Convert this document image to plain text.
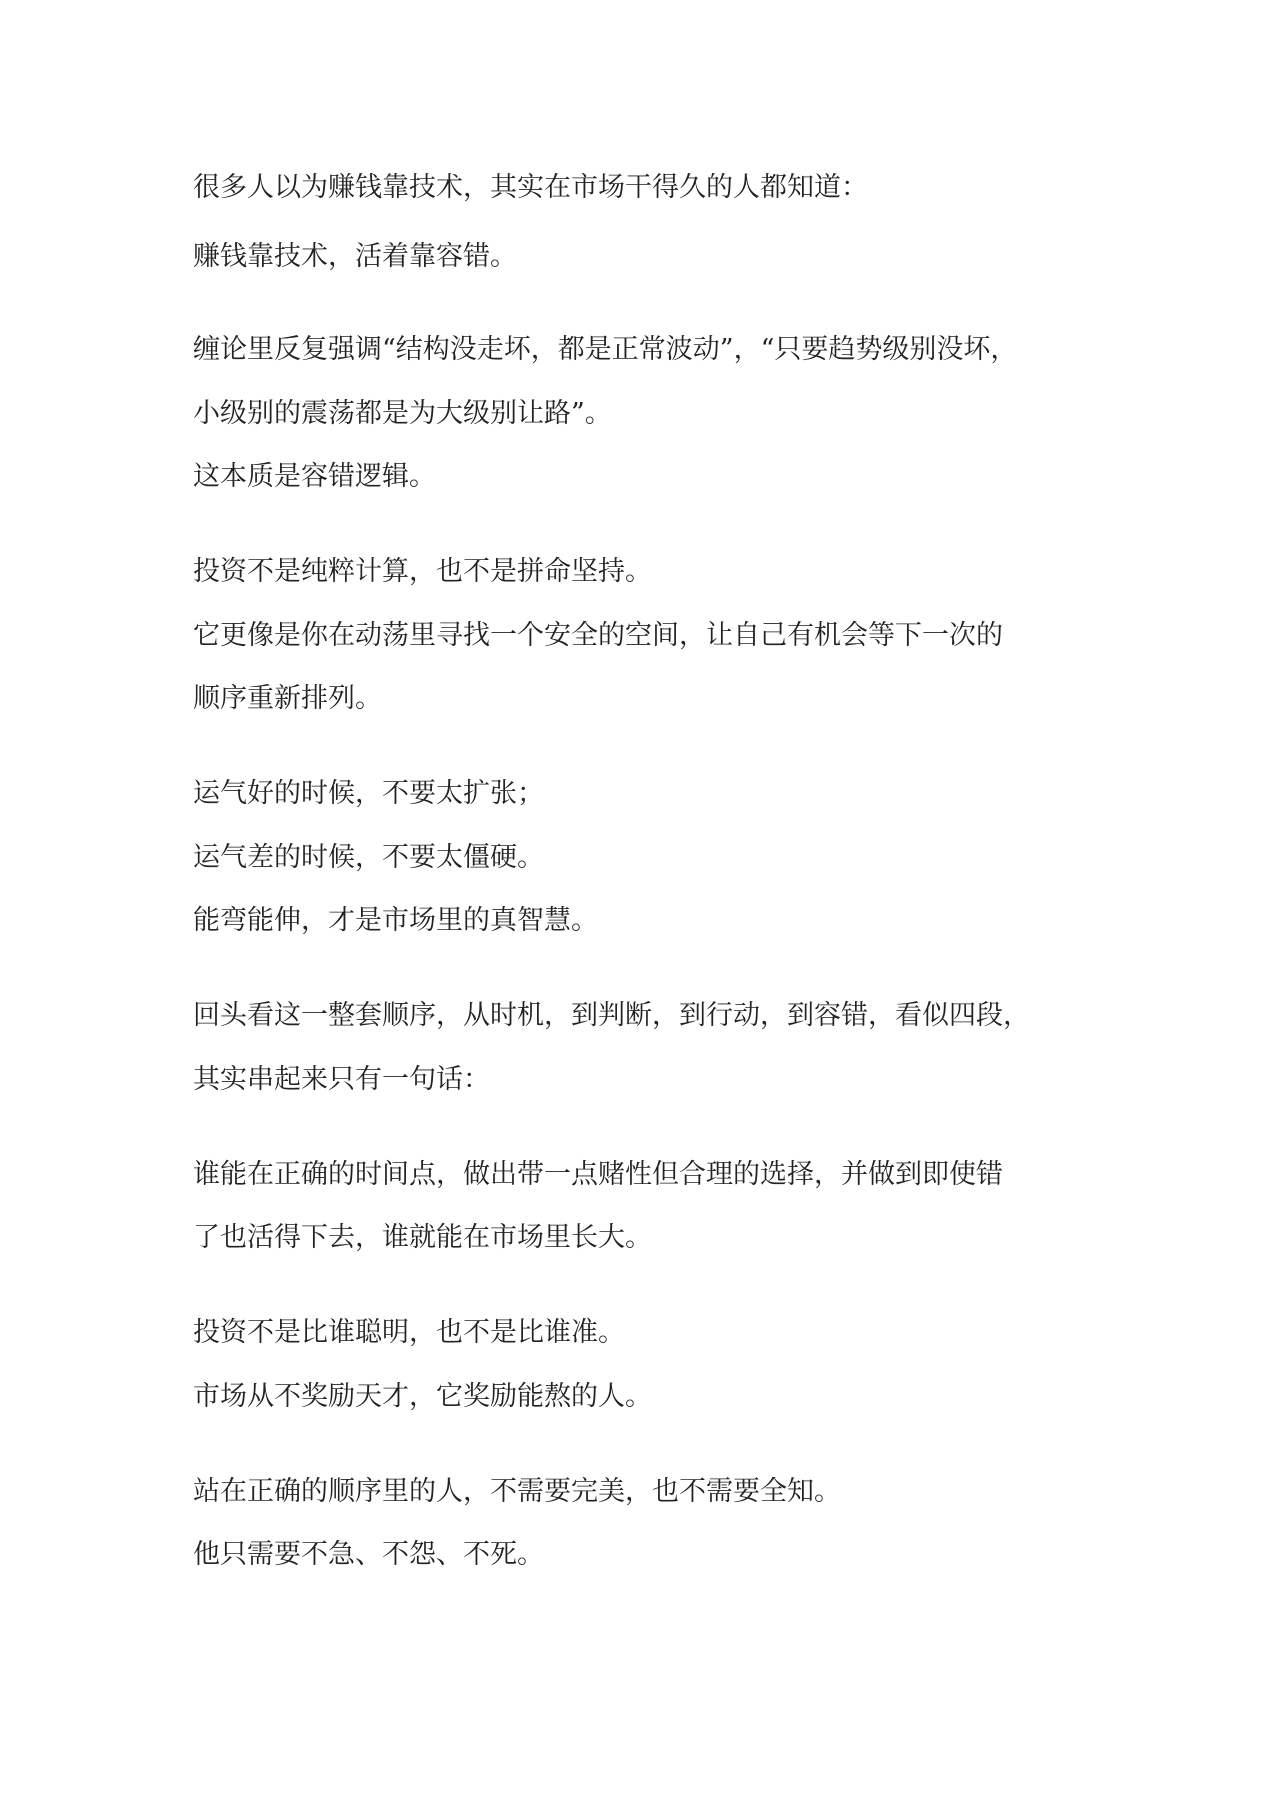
很多人以为赚钱靠技术，其实在市场干得久的人都知道：
赚钱靠技术，活着靠容错。
缠论里反复强调“结构没走坏，都是正常波动”，“只要趋势级别没坏，
小级别的震荡都是为大级别让路”。
这本质是容错逻辑。
投资不是纯粹计算，也不是拼命坚持。
它更像是你在动荡里寻找一个安全的空间，让自己有机会等下一次的
顺序重新排列。
运气好的时候，不要太扩张；
运气差的时候，不要太僵硬。
能弯能伸，才是市场里的真智慧。
回头看这一整套顺序，从时机，到判断，到行动，到容错，看似四段，
其实串起来只有一句话：
谁能在正确的时间点，做出带一点赌性但合理的选择，并做到即使错
了也活得下去，谁就能在市场里长大。
投资不是比谁聪明，也不是比谁准。
市场从不奖励天才，它奖励能熬的人。
站在正确的顺序里的人，不需要完美，也不需要全知。
他只需要不急、不怨、不死。
